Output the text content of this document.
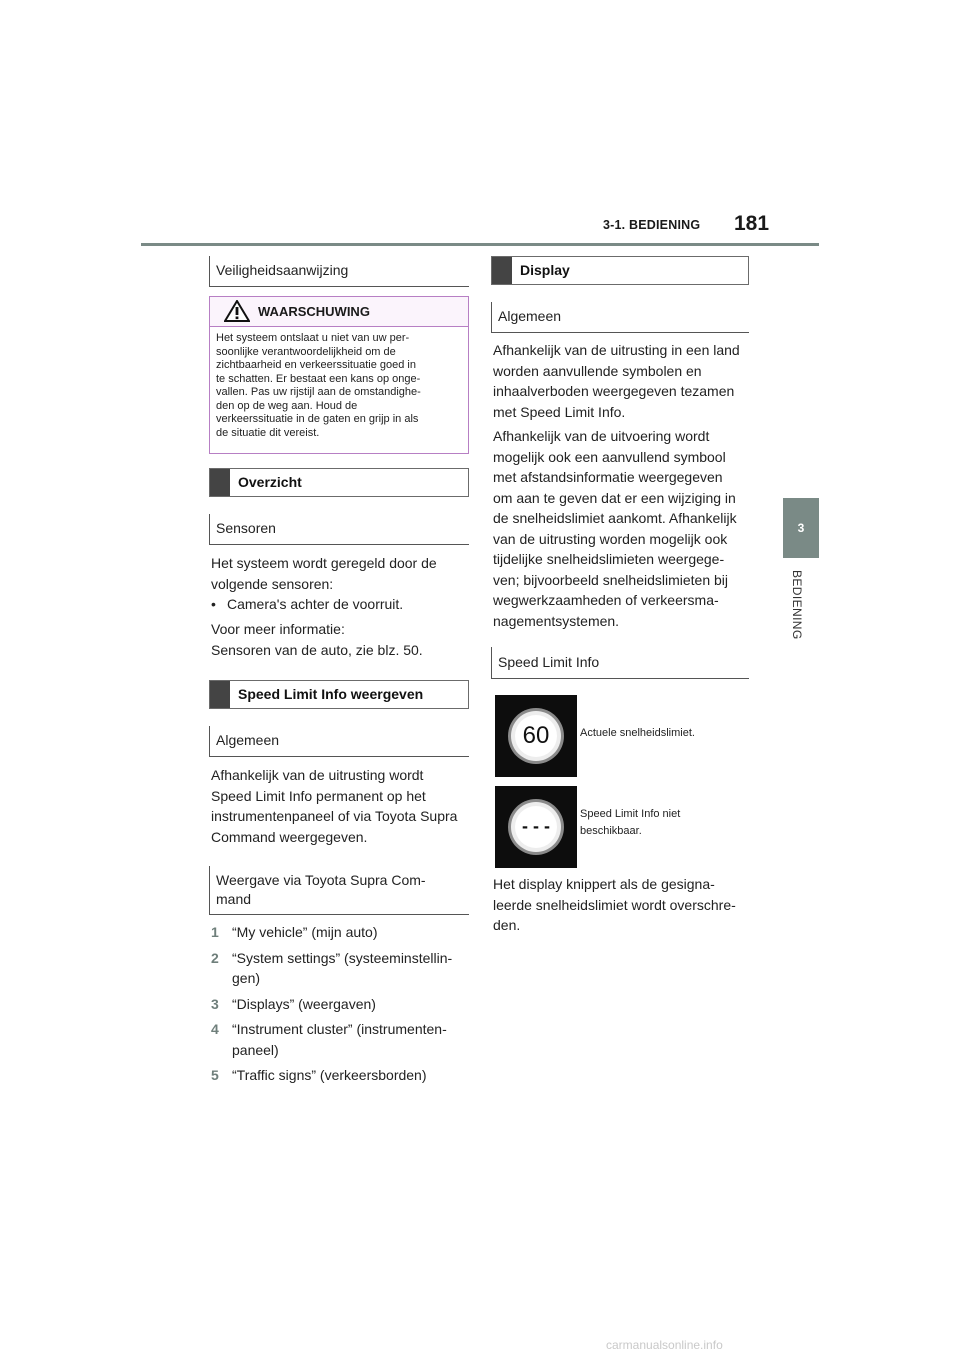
3-1. BEDIENING 181
3
BEDIENING
Veiligheidsaanwijzing
WAARSCHUWING
Het systeem ontslaat u niet van uw per-
soonlijke verantwoordelijkheid om de
zichtbaarheid en verkeerssituatie goed in
te schatten. Er bestaat een kans op onge-
vallen. Pas uw rijstijl aan de omstandighe-
den op de weg aan. Houd de
verkeerssituatie in de gaten en grijp in als
de situatie dit vereist.
Overzicht
Sensoren
Het systeem wordt geregeld door de
volgende sensoren:
• Camera's achter de voorruit.
Voor meer informatie:
Sensoren van de auto, zie blz. 50.
Speed Limit Info weergeven
Algemeen
Afhankelijk van de uitrusting wordt
Speed Limit Info permanent op het
instrumentenpaneel of via Toyota Supra
Command weergegeven.
Weergave via Toyota Supra Com-
mand
1 “My vehicle” (mijn auto)
2 “System settings” (systeeminstellin-
gen)
3 “Displays” (weergaven)
4 “Instrument cluster” (instrumenten-
paneel)
5 “Traffic signs” (verkeersborden)
Display
Algemeen
Afhankelijk van de uitrusting in een land
worden aanvullende symbolen en
inhaalverboden weergegeven tezamen
met Speed Limit Info.
Afhankelijk van de uitvoering wordt
mogelijk ook een aanvullend symbool
met afstandsinformatie weergegeven
om aan te geven dat er een wijziging in
de snelheidslimiet aankomt. Afhankelijk
van de uitrusting worden mogelijk ook
tijdelijke snelheidslimieten weergege-
ven; bijvoorbeeld snelheidslimieten bij
wegwerkzaamheden of verkeersma-
nagementsystemen.
Speed Limit Info
60	Actuele snelheidslimiet.
- - -
Speed Limit Info niet
beschikbaar.
Het display knippert als de gesigna-
leerde snelheidslimiet wordt overschre-
den.
carmanualsonline.info
